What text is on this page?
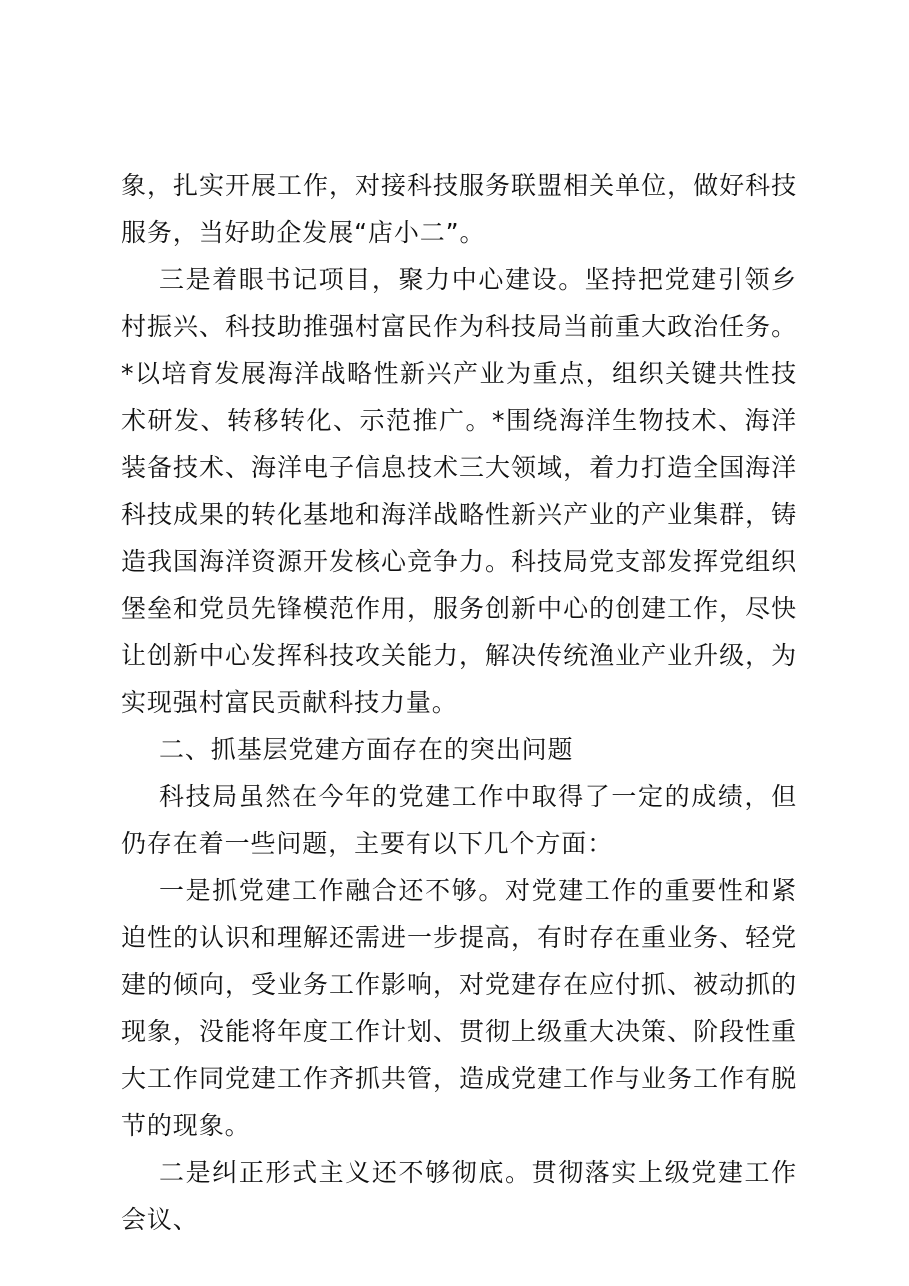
象，扎实开展工作，对接科技服务联盟相关单位，做好科技服务，当好助企发展“店小二”。

三是着眼书记项目，聚力中心建设。坚持把党建引领乡村振兴、科技助推强村富民作为科技局当前重大政治任务。*以培育发展海洋战略性新兴产业为重点，组织关键共性技术研发、转移转化、示范推广。*围绕海洋生物技术、海洋装备技术、海洋电子信息技术三大领域，着力打造全国海洋科技成果的转化基地和海洋战略性新兴产业的产业集群，铸造我国海洋资源开发核心竞争力。科技局党支部发挥党组织堡垒和党员先锋模范作用，服务创新中心的创建工作，尽快让创新中心发挥科技攻关能力，解决传统渔业产业升级，为实现强村富民贡献科技力量。

二、抓基层党建方面存在的突出问题

科技局虽然在今年的党建工作中取得了一定的成绩，但仍存在着一些问题，主要有以下几个方面：

一是抓党建工作融合还不够。对党建工作的重要性和紧迫性的认识和理解还需进一步提高，有时存在重业务、轻党建的倾向，受业务工作影响，对党建存在应付抓、被动抓的现象，没能将年度工作计划、贯彻上级重大决策、阶段性重大工作同党建工作齐抓共管，造成党建工作与业务工作有脱节的现象。

二是纠正形式主义还不够彻底。贯彻落实上级党建工作会议、
